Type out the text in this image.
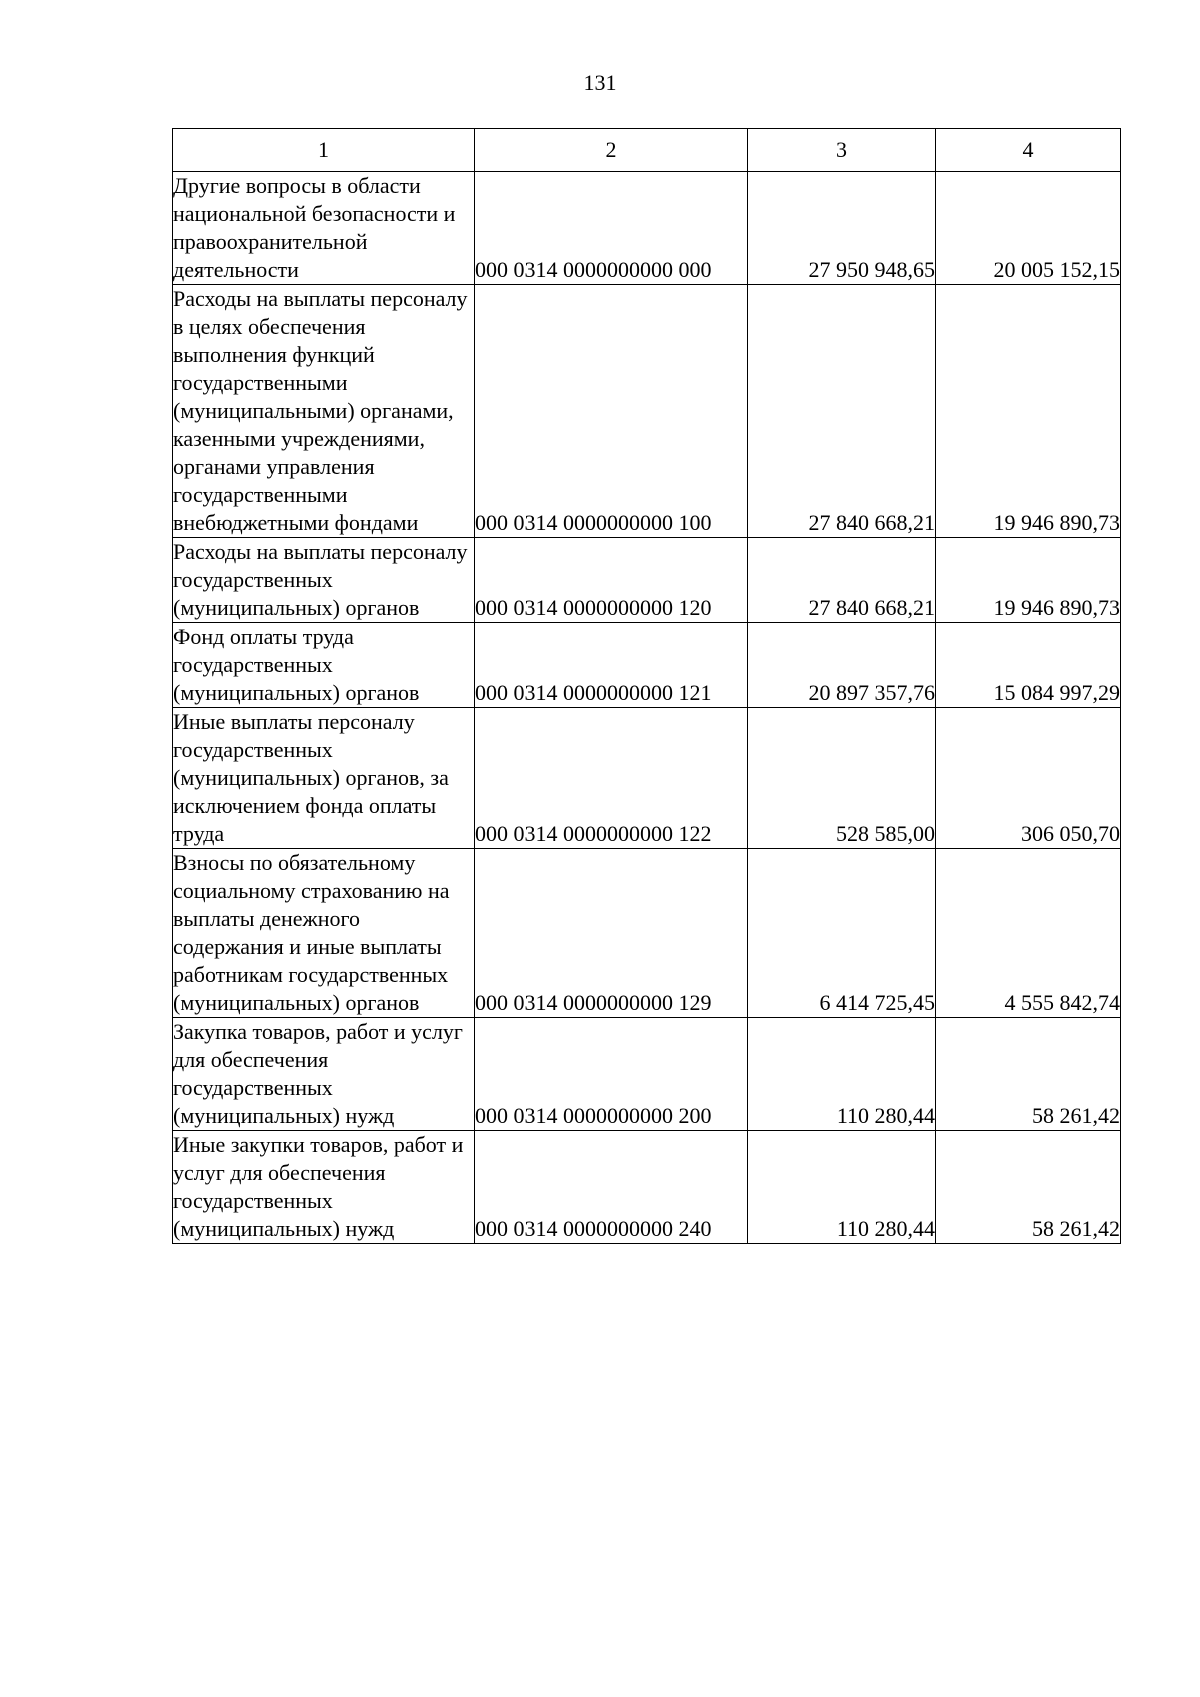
131
1	2	3	4
Другие вопросы в области национальной безопасности и правоохранительной деятельности	000 0314 0000000000 000	27 950 948,65	20 005 152,15
Расходы на выплаты персоналу в целях обеспечения выполнения функций государственными (муниципальными) органами, казенными учреждениями, органами управления государственными внебюджетными фондами	000 0314 0000000000 100	27 840 668,21	19 946 890,73
Расходы на выплаты персоналу государственных (муниципальных) органов	000 0314 0000000000 120	27 840 668,21	19 946 890,73
Фонд оплаты труда государственных (муниципальных) органов	000 0314 0000000000 121	20 897 357,76	15 084 997,29
Иные выплаты персоналу государственных (муниципальных) органов, за исключением фонда оплаты труда	000 0314 0000000000 122	528 585,00	306 050,70
Взносы по обязательному социальному страхованию на выплаты денежного содержания и иные выплаты работникам государственных (муниципальных) органов	000 0314 0000000000 129	6 414 725,45	4 555 842,74
Закупка товаров, работ и услуг для обеспечения государственных (муниципальных) нужд	000 0314 0000000000 200	110 280,44	58 261,42
Иные закупки товаров, работ и услуг для обеспечения государственных (муниципальных) нужд	000 0314 0000000000 240	110 280,44	58 261,42
